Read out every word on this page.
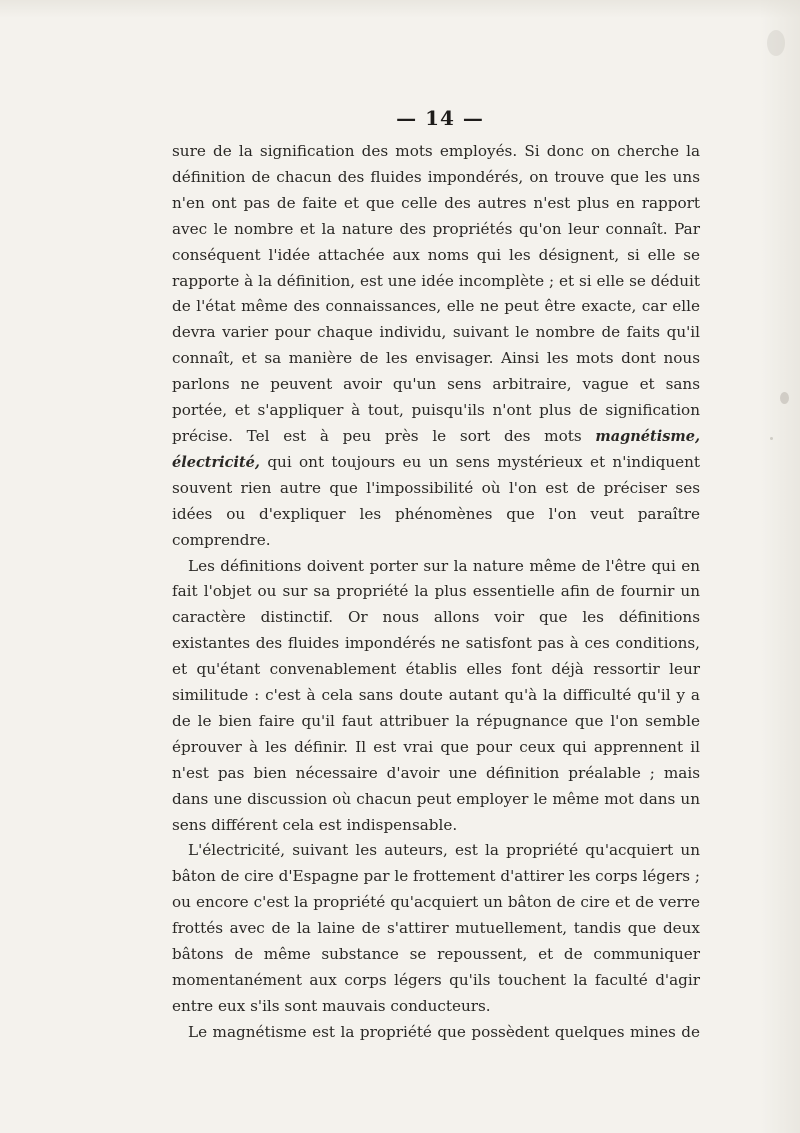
— 14 —

sure de la signification des mots employés. Si donc on cherche la définition de chacun des fluides impondérés, on trouve que les uns n'en ont pas de faite et que celle des autres n'est plus en rapport avec le nombre et la nature des propriétés qu'on leur connaît. Par conséquent l'idée attachée aux noms qui les désignent, si elle se rapporte à la définition, est une idée incomplète ; et si elle se déduit de l'état même des connaissances, elle ne peut être exacte, car elle devra varier pour chaque individu, suivant le nombre de faits qu'il connaît, et sa manière de les envisager. Ainsi les mots dont nous parlons ne peuvent avoir qu'un sens arbitraire, vague et sans portée, et s'appliquer à tout, puisqu'ils n'ont plus de signification précise. Tel est à peu près le sort des mots magnétisme, électricité, qui ont toujours eu un sens mystérieux et n'indiquent souvent rien autre que l'impossibilité où l'on est de préciser ses idées ou d'expliquer les phénomènes que l'on veut paraître comprendre.

Les définitions doivent porter sur la nature même de l'être qui en fait l'objet ou sur sa propriété la plus essentielle afin de fournir un caractère distinctif. Or nous allons voir que les définitions existantes des fluides impondérés ne satisfont pas à ces conditions, et qu'étant convenablement établis elles font déjà ressortir leur similitude : c'est à cela sans doute autant qu'à la difficulté qu'il y a de le bien faire qu'il faut attribuer la répugnance que l'on semble éprouver à les définir. Il est vrai que pour ceux qui apprennent il n'est pas bien nécessaire d'avoir une définition préalable ; mais dans une discussion où chacun peut employer le même mot dans un sens différent cela est indispensable.

L'électricité, suivant les auteurs, est la propriété qu'acquiert un bâton de cire d'Espagne par le frottement d'attirer les corps légers ; ou encore c'est la propriété qu'acquiert un bâton de cire et de verre frottés avec de la laine de s'attirer mutuellement, tandis que deux bâtons de même substance se repoussent, et de communiquer momentanément aux corps légers qu'ils touchent la faculté d'agir entre eux s'ils sont mauvais conducteurs.

Le magnétisme est la propriété que possèdent quelques mines de
